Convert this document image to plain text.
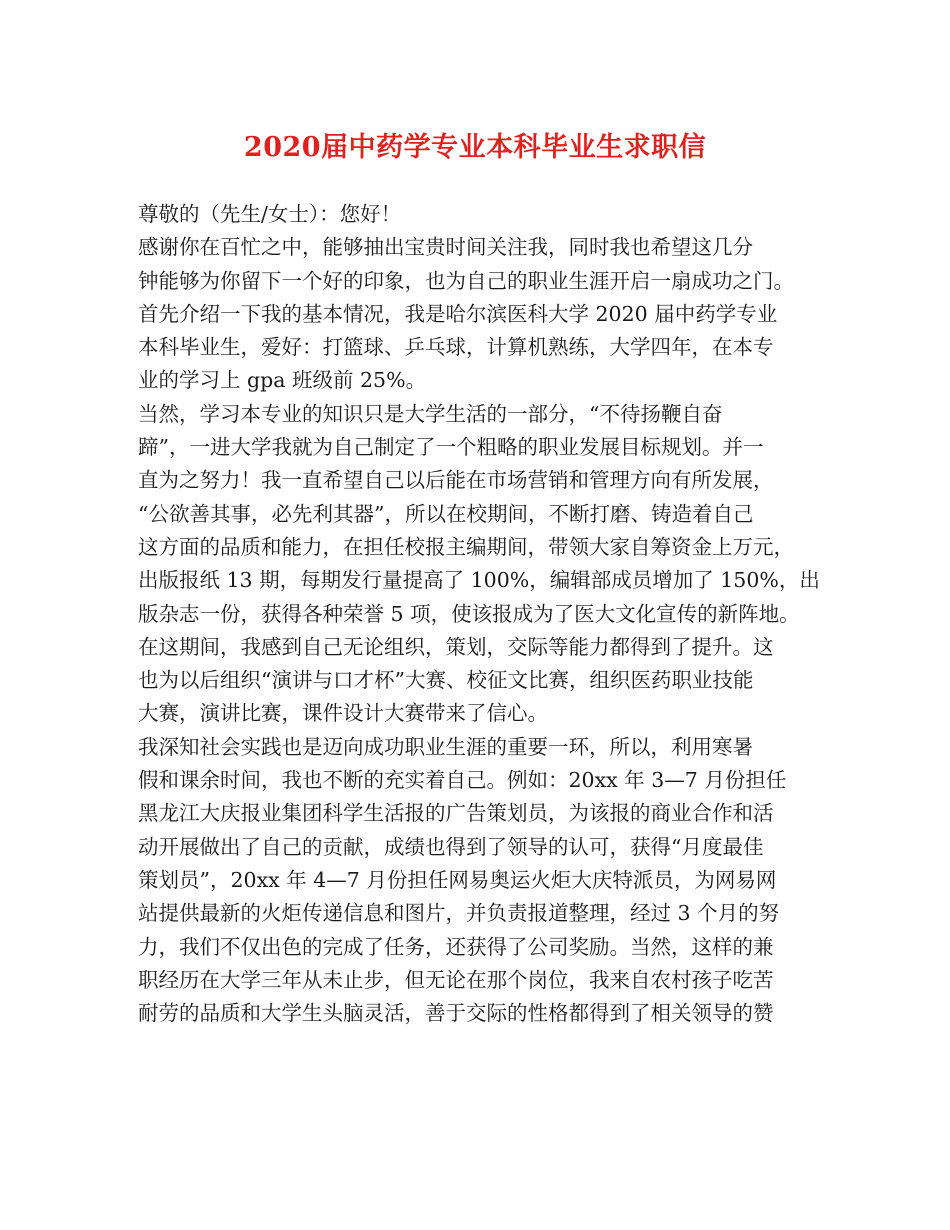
2020届中药学专业本科毕业生求职信
尊敬的（先生/女士）：您好！
感谢你在百忙之中，能够抽出宝贵时间关注我，同时我也希望这几分
钟能够为你留下一个好的印象，也为自己的职业生涯开启一扇成功之门。
首先介绍一下我的基本情况，我是哈尔滨医科大学 2020 届中药学专业
本科毕业生，爱好：打篮球、乒乓球，计算机熟练，大学四年，在本专
业的学习上 gpa 班级前 25%。
当然，学习本专业的知识只是大学生活的一部分，“不待扬鞭自奋
蹄”，一进大学我就为自己制定了一个粗略的职业发展目标规划。并一
直为之努力！我一直希望自己以后能在市场营销和管理方向有所发展，
“公欲善其事，必先利其器”，所以在校期间，不断打磨、铸造着自己
这方面的品质和能力，在担任校报主编期间，带领大家自筹资金上万元，
出版报纸 13 期，每期发行量提高了 100%，编辑部成员增加了 150%，出
版杂志一份，获得各种荣誉 5 项，使该报成为了医大文化宣传的新阵地。
在这期间，我感到自己无论组织，策划，交际等能力都得到了提升。这
也为以后组织“演讲与口才杯”大赛、校征文比赛，组织医药职业技能
大赛，演讲比赛，课件设计大赛带来了信心。
我深知社会实践也是迈向成功职业生涯的重要一环，所以，利用寒暑
假和课余时间，我也不断的充实着自己。例如：20xx 年 3—7 月份担任
黑龙江大庆报业集团科学生活报的广告策划员，为该报的商业合作和活
动开展做出了自己的贡献，成绩也得到了领导的认可，获得“月度最佳
策划员”，20xx 年 4—7 月份担任网易奥运火炬大庆特派员，为网易网
站提供最新的火炬传递信息和图片，并负责报道整理，经过 3 个月的努
力，我们不仅出色的完成了任务，还获得了公司奖励。当然，这样的兼
职经历在大学三年从未止步，但无论在那个岗位，我来自农村孩子吃苦
耐劳的品质和大学生头脑灵活，善于交际的性格都得到了相关领导的赞
